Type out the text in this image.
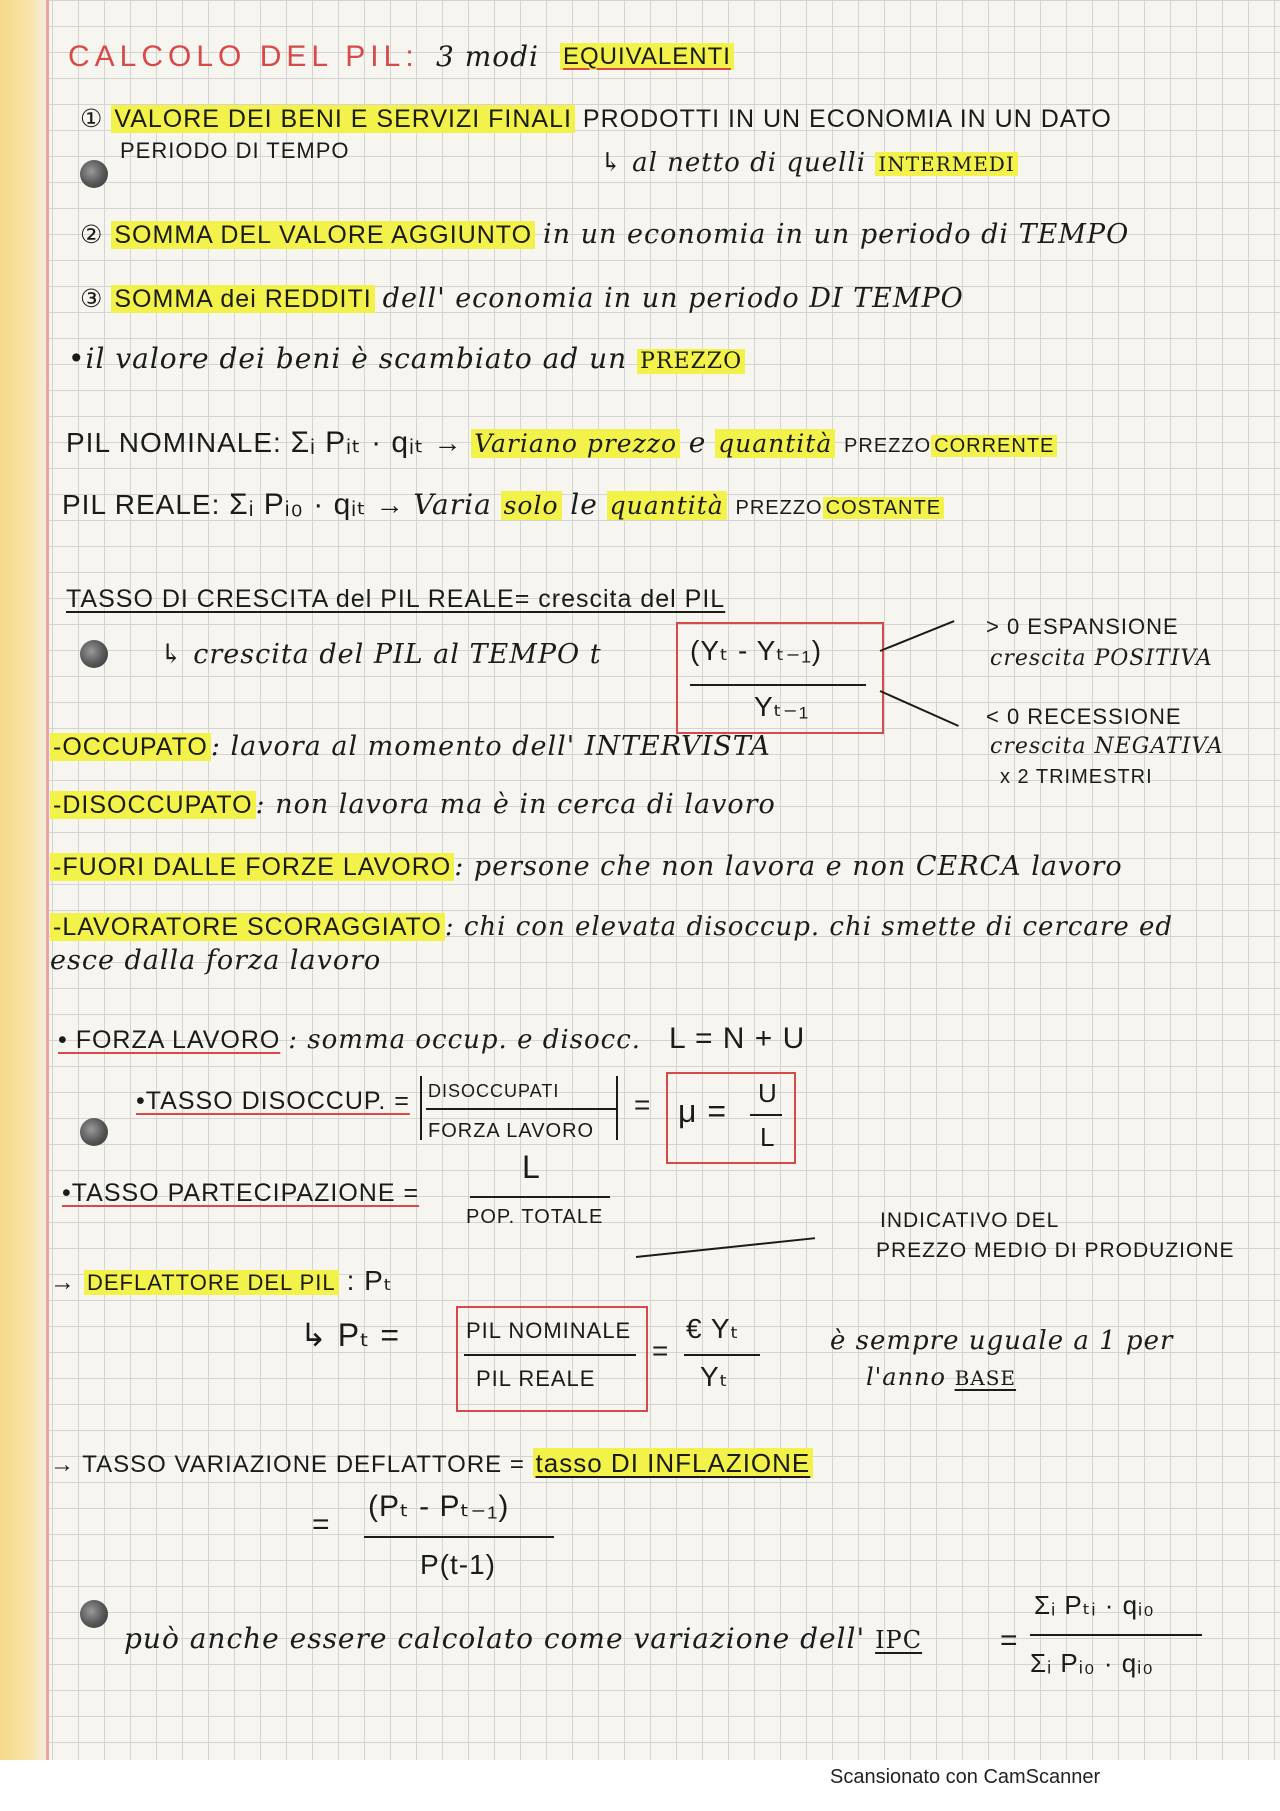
CALCOLO DEL PIL: 3 modi EQUIVALENTI
① VALORE DEI BENI E SERVIZI FINALI PRODOTTI IN UN ECONOMIA IN UN DATO
PERIODO DI TEMPO	↳ al netto di quelli INTERMEDI
② SOMMA DEL VALORE AGGIUNTO in un economia in un periodo di TEMPO
③ SOMMA dei REDDITI dell' economia in un periodo DI TEMPO
•il valore dei beni è scambiato ad un PREZZO
PIL NOMINALE: Σᵢ Pᵢₜ · qᵢₜ → Variano prezzo e quantità PREZZO CORRENTE
PIL REALE: Σᵢ Pᵢ₀ · qᵢₜ → Varia solo le quantità PREZZO COSTANTE
TASSO DI CRESCITA del PIL REALE= crescita del PIL
↳ crescita del PIL al TEMPO t	(Yₜ - Yₜ₋₁)
Yₜ₋₁
> 0 ESPANSIONE
crescita POSITIVA
< 0 RECESSIONE
crescita NEGATIVA
x 2 TRIMESTRI
-OCCUPATO : lavora al momento dell' INTERVISTA
-DISOCCUPATO : non lavora ma è in cerca di lavoro
-FUORI DALLE FORZE LAVORO : persone che non lavora e non CERCA lavoro
-LAVORATORE SCORAGGIATO : chi con elevata disoccup. chi smette di cercare ed
esce dalla forza lavoro
• FORZA LAVORO : somma occup. e disocc. L = N + U
•TASSO DISOCCUP. = DISOCCUPATI
FORZA LAVORO
= μ = U
L
•TASSO PARTECIPAZIONE =
L
POP. TOTALE	INDICATIVO DEL
PREZZO MEDIO DI PRODUZIONE
→ DEFLATTORE DEL PIL : Pₜ
↳ Pₜ =	PIL NOMINALE
PIL REALE
=
€ Yₜ
Yₜ
è sempre uguale a 1 per
l'anno BASE
→ TASSO VARIAZIONE DEFLATTORE = tasso DI INFLAZIONE
=
(Pₜ - Pₜ₋₁)
P(t-1)
può anche essere calcolato come variazione dell' IPC	=
Σᵢ Pₜᵢ · qᵢ₀
Σᵢ Pᵢ₀ · qᵢ₀
Scansionato con CamScanner
